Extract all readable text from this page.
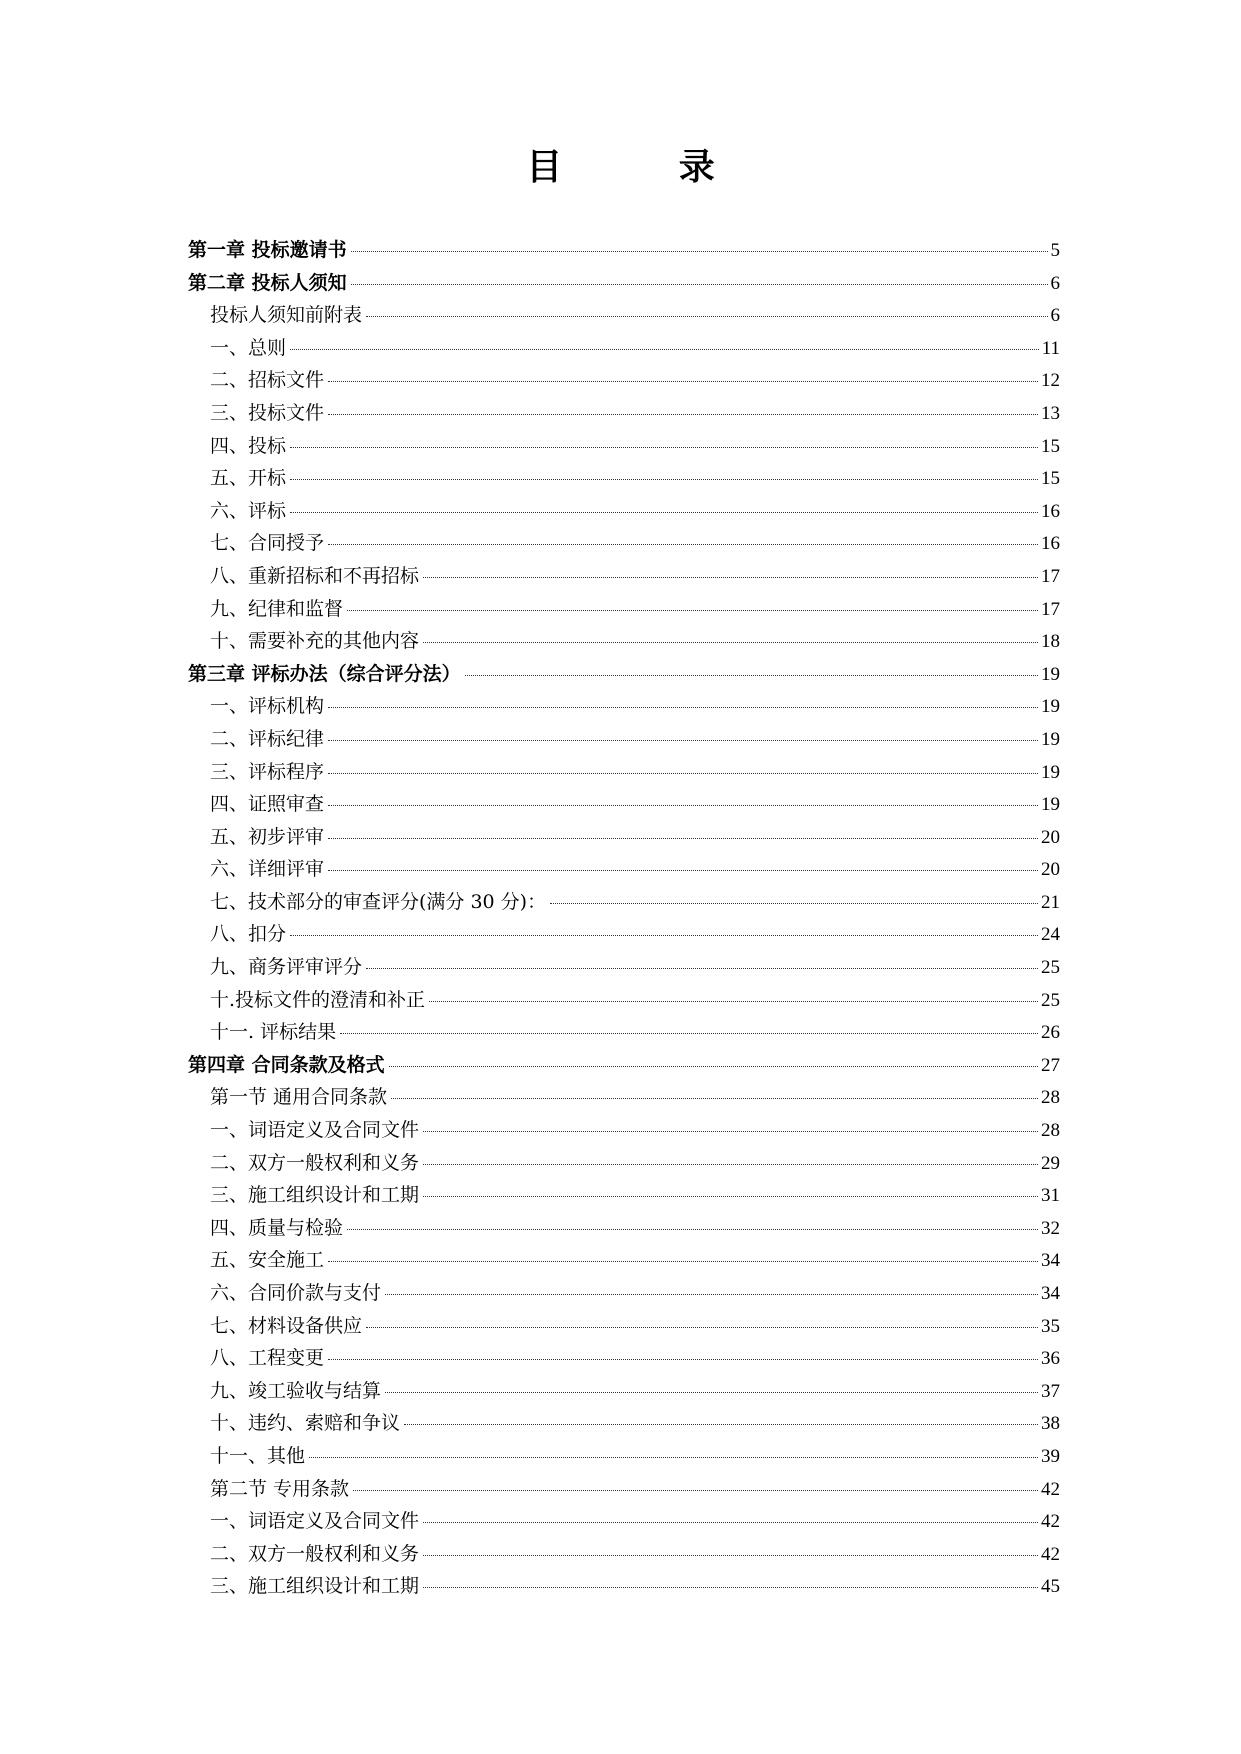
目 录
第一章 投标邀请书	5
第二章 投标人须知	6
投标人须知前附表	6
一、总则	11
二、招标文件	12
三、投标文件	13
四、投标	15
五、开标	15
六、评标	16
七、合同授予	16
八、重新招标和不再招标	17
九、纪律和监督	17
十、需要补充的其他内容	18
第三章 评标办法（综合评分法）	19
一、评标机构	19
二、评标纪律	19
三、评标程序	19
四、证照审查	19
五、初步评审	20
六、详细评审	20
七、技术部分的审查评分(满分 30 分)：	21
八、扣分	24
九、商务评审评分	25
十.投标文件的澄清和补正	25
十一. 评标结果	26
第四章 合同条款及格式	27
第一节 通用合同条款	28
一、词语定义及合同文件	28
二、双方一般权利和义务	29
三、施工组织设计和工期	31
四、质量与检验	32
五、安全施工	34
六、合同价款与支付	34
七、材料设备供应	35
八、工程变更	36
九、竣工验收与结算	37
十、违约、索赔和争议	38
十一、其他	39
第二节 专用条款	42
一、词语定义及合同文件	42
二、双方一般权利和义务	42
三、施工组织设计和工期	45
